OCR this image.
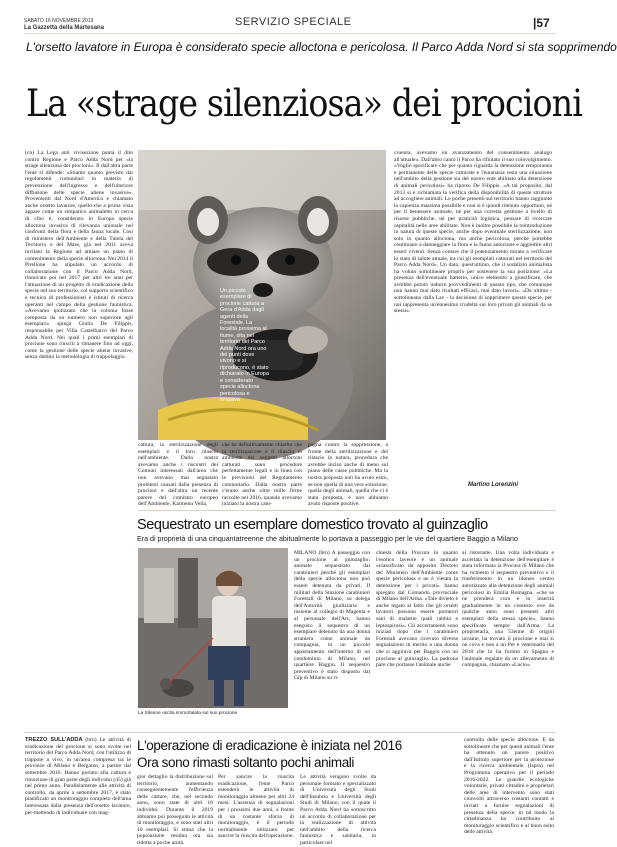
SABATO 16 NOVEMBRE 2019
La Gazzetta della Martesana	SERVIZIO SPECIALE	|57
L'orsetto lavatore in Europa è considerato specie alloctona e pericolosa. Il Parco Adda Nord si sta sopprimendo
La «strage silenziosa» dei procioni
(cn) La Lega anti vivisezione punta il dito contro Regione e Parco Adda Nord per «la strage silenziosa dei procioni». Il dall'altra parte l'ente si difende: «Stiamo quanto previsto dai regolamenti comunitari in materia di prevenzione dell'ingresso e dell'ulteriore diffusione delle specie aliene invasive». Provenienti dal Nord d'America e chiamato anche orsetto lavatore, quello che a prima vista appare come un simpatico animaletto in cerca di cibo è, considerato in Europa specie alloctona invasiva di rilevanza unionale nei confronti della flora e della fauna locale. Cosi di ministero dell'Ambiente e della Tutela del Territorio e del Mare, già nel 2011 aveva invitato la Regione ad attuare un piano di contenimento della specie alloctona. Nel 2014 il Pirellone ha stipulato un accordo di collaborazione con il Parco Adda Nord, rinnovato poi nel 2017 per altri tre anni per l'attuazione di un progetto di eradicazione della specie nel suo territorio, col supporto scientifico e tecnico di professionisti e istituti di ricerca operanti nel campo della gestione faunistica. «Avevamo ipotizzato che la colonia fosse composta da un numero non superiore agli esemplari» spiega Giulia De Filippis, responsabile per Villa Castelbarco del Parco Adda Nord. Nei quali i primi esemplari di procione sono riusciti a rimanere fino ad oggi, come la gestione delle specie aliene invasive, senza dubbio la metodologia di trappolaggio.
Un piccolo esemplare di procione cattura a Gera d'Adda dagli agenti della Forestale. La località prossima al fiume, sita nel territorio del Parco Adda Nord ora uno dei punti dove vivono e si riproducono, è stato dichiarato in Europa e considerato specie alloctona pericolosa e invasiva
cruenta, avevamo un avanzamento del consenimento analogo all'attuale». Dall'altro canto il Parco ha rifiutato il suo coinvolgimento. «Voglio specificare che per quanto riguarda la detenzione temporanea e permanente delle specie catturate e l'eutanasia resta una situazione nell'ambito della gestione sia del nostro ente abilitato alla detenzione di animali pericolosi» ha ripreso De Filippis. «A tal proposito, dal 2013 si è richiamata la verifica della disponibilità di queste strutture ad accogliere animali. Le poche presenti sul territorio hanno raggiunto la capienza massima possibile e non si è quindi ritenuto opportuno, né per il benessere animale, né per una corretta gestione a livello di risorse pubbliche, né per praticità logistica, pensare di ricercare ospitalità nelle aree abilitate. Non è inoltre possibile la reintroduzione in natura di queste specie, anche dopo eventuale sterilizzazione, non solo in quanto alloctona, ma anche pericolosa, perché potrebbe continuare a danneggiare la flora e la fauna autoctone e aggredire altri esseri viventi. Senza contare che il potenziamento mirato a verificare lo stato di salute attuale, tra cui gli esemplari catturati nel territorio del Parco Adda Nord». Un dato, quest'ultimo, che il sodalizio animalista ha voluto sottolineare proprio per sostenere la sua posizione: «La presenza dell'eventuale batterio, unico elemento a giustificare, che avrebbe potuto indurre provvedimenti di questo tipo, che comunque non hanno mai dato risultati efficaci, mai dato lavori». «Da ultimo - sottolineano dalla Lav - la decisione di sopprimere queste specie, per noi rappresenta un'ennesima crudeltà sui loro privati gli animali da se stessi».
Martino Lorenzini
cattura, la sterilizzazione degli esemplari e il loro rilascio nell'ambiente. Dalla nostra avevamo anche i riscontri dei Comuni interessati dall'area che non avevano mai segnalato problemi causati dalla presenza di procioni e dall'altra un recente parere del comitato europeo dell'Ambiente, Karmenu Vella,
che ha definitivamente chiarito che la sterilizzazione e il rilascio in ambiente dei soggetti alloctoni catturati sono procedure perfettamente legali e in linea con le previsioni del Regolamento comunitario. Dalla nostra parte c'erano anche oltre mille firme raccolte nel 2016, quando avevamo iniziato la nostra cam-
pagna contro la soppressione, a fronte della sterilizzazione e del rilascio in natura, procedura che avrebbe inciso anche di meno sul piano delle casse pubbliche. Ma la nostra proposta non ha avuto esito, se non quella di una vera soluzione, quella degli animali, quella che ci è stata proposta, e non abbiamo avuto risposte positive.
Sequestrato un esemplare domestico trovato al guinzaglio
Era di proprietà di una cinquantatreenne che abitualmente lo portava a passeggio per le vie del quartiere Baggio a Milano
La Silenne uscita immortalata sul suo procione
MILANO (brn) A passeggio con un procione al guinzaglio: animale sequestrato dai carabinieri perché gli esemplari della specie alloctona non può essere detenuta da privati. Il militari della Stazione carabinieri Forestali di Milano, su delega dell'Autorità giudiziaria e insieme al collegio di Magenta e al personale dell'Ats, hanno eseguito il sequestro di un esemplare detenuto da una donna straniera come animale da compagnia, in un piccolo appartamento dell'interno di un condominio di Milano, nel quartiere Baggio. Il sequestro preventivo è stato disposto dal Gip di Milano su ri-
chiesta della Procura in quanto l'esotico laveore è un animale «classificato da apposito Decreto del Ministero dell'Ambiente come specie pericolosa e ne è vietata la detenzione per i privati» hanno spiegato dal Comando provinciale di Milano dell'Arma. «Tale divieto è anche legato al fatto che gli orsetti lavatori possono essere portatori sani di malattie quali rabbia e leptospirosi». Gli accertamenti sono iniziati dopo che i carabinieri Forestali avevano ricevuto diverse segnalazioni in merito a una donna che si aggirava per Baggio con un procione al guinzaglio. La padrona pare che portasse l'animale anche
al ristorante. Una volta individuata e accertata la detenzione dell'esemplare è stata informata la Procura di Milano che ha richiesto il sequestro preventivo e il trasferimento in un idoneo centro autorizzato alla detenzione degli animali pericolosi in Emilia Romagna, «che se ne prenderà cura e lo inserirà gradualmente in un contesto ove da qualche anno sono presenti altri esemplari della stessa specie», hanno specificato sempre dall'Arma. La proprietaria, una 53enne di origini ucraine, ha trovato il procione e mai si ne cova e non a un Pet e veterinario del 2018 che lo ha fornito in Spagna e l'animale regalato da un allevamento di compagnia, chiamato «Lucio».
TREZZO SULL'ADDA (brn) Le attività di eradicazione del procione si sono svolte nel territorio del Parco Adda Nord, con l'utilizzo di trappole a vivo, in un'area compresa tra le province di Milano e Bergamo, a partire dal settembre 2016. Hanno portato alla cattura e rimozione di gran parte degli individui (45) già nel primo anno. Parallelamente alle attività di controllo, da aprile a settembre 2017, è stato pianificato un monitoraggio completo dell'area interessata dalla presenza dell'orsetto lavatore, per-mettendo di individuare con mag-
L'operazione di eradicazione è iniziata nel 2016
Ora sono rimasti soltanto pochi animali
gior dettaglio la distribuzione sul territorio, aumentando conseguentemente l'efficienza delle catture, che, nel secondo anno, sono state di altri 16 individui. Durante il 2019 abbiamo poi proseguito le attività di monitoraggio, e sono stati altri 10 esemplari. Si stima che la popolazione residua ora sia ridotta a poche unità.
Per sancire la riuscita eradicazione, l'ente Parco estenderà le attività di monitoraggio almeno per altri 24 mesi. L'assenza di segnalazioni per i prossimi due anni, a fronte di un costante sforzo di monitoraggio, è il periodo normalmente utilizzato per sancire la riuscita dell'operazione.
Le attività vengono svolte da personale formato e specializzato di Università degli Studi dell'Insubria e Università degli Studi di Milano, con il quale il Parco Adda Nord ha sottoscritto un accordo di collaborazione per la realizzazione di attività nell'ambito della ricerca faunistica e sanitaria, in particolare nel
controllo delle specie alloctone. E da sottolineare che per questi animali l'ente ha ottenuto un parere positivo dall'Istituto superiore per la protezione e la ricerca ambientale (Ispra) nel Programma operativo per il periodo 2016-2022. Le guardie ecologiche volontarie, privati cittadini e proprietari delle aree di intervento sono stati coinvolti attraverso costanti contatti e inviati a fornire segnalazioni di presenza della specie; in tal modo la cittadinanza ha contribuito al monitoraggio scientifico e al buon esito delle attività.
